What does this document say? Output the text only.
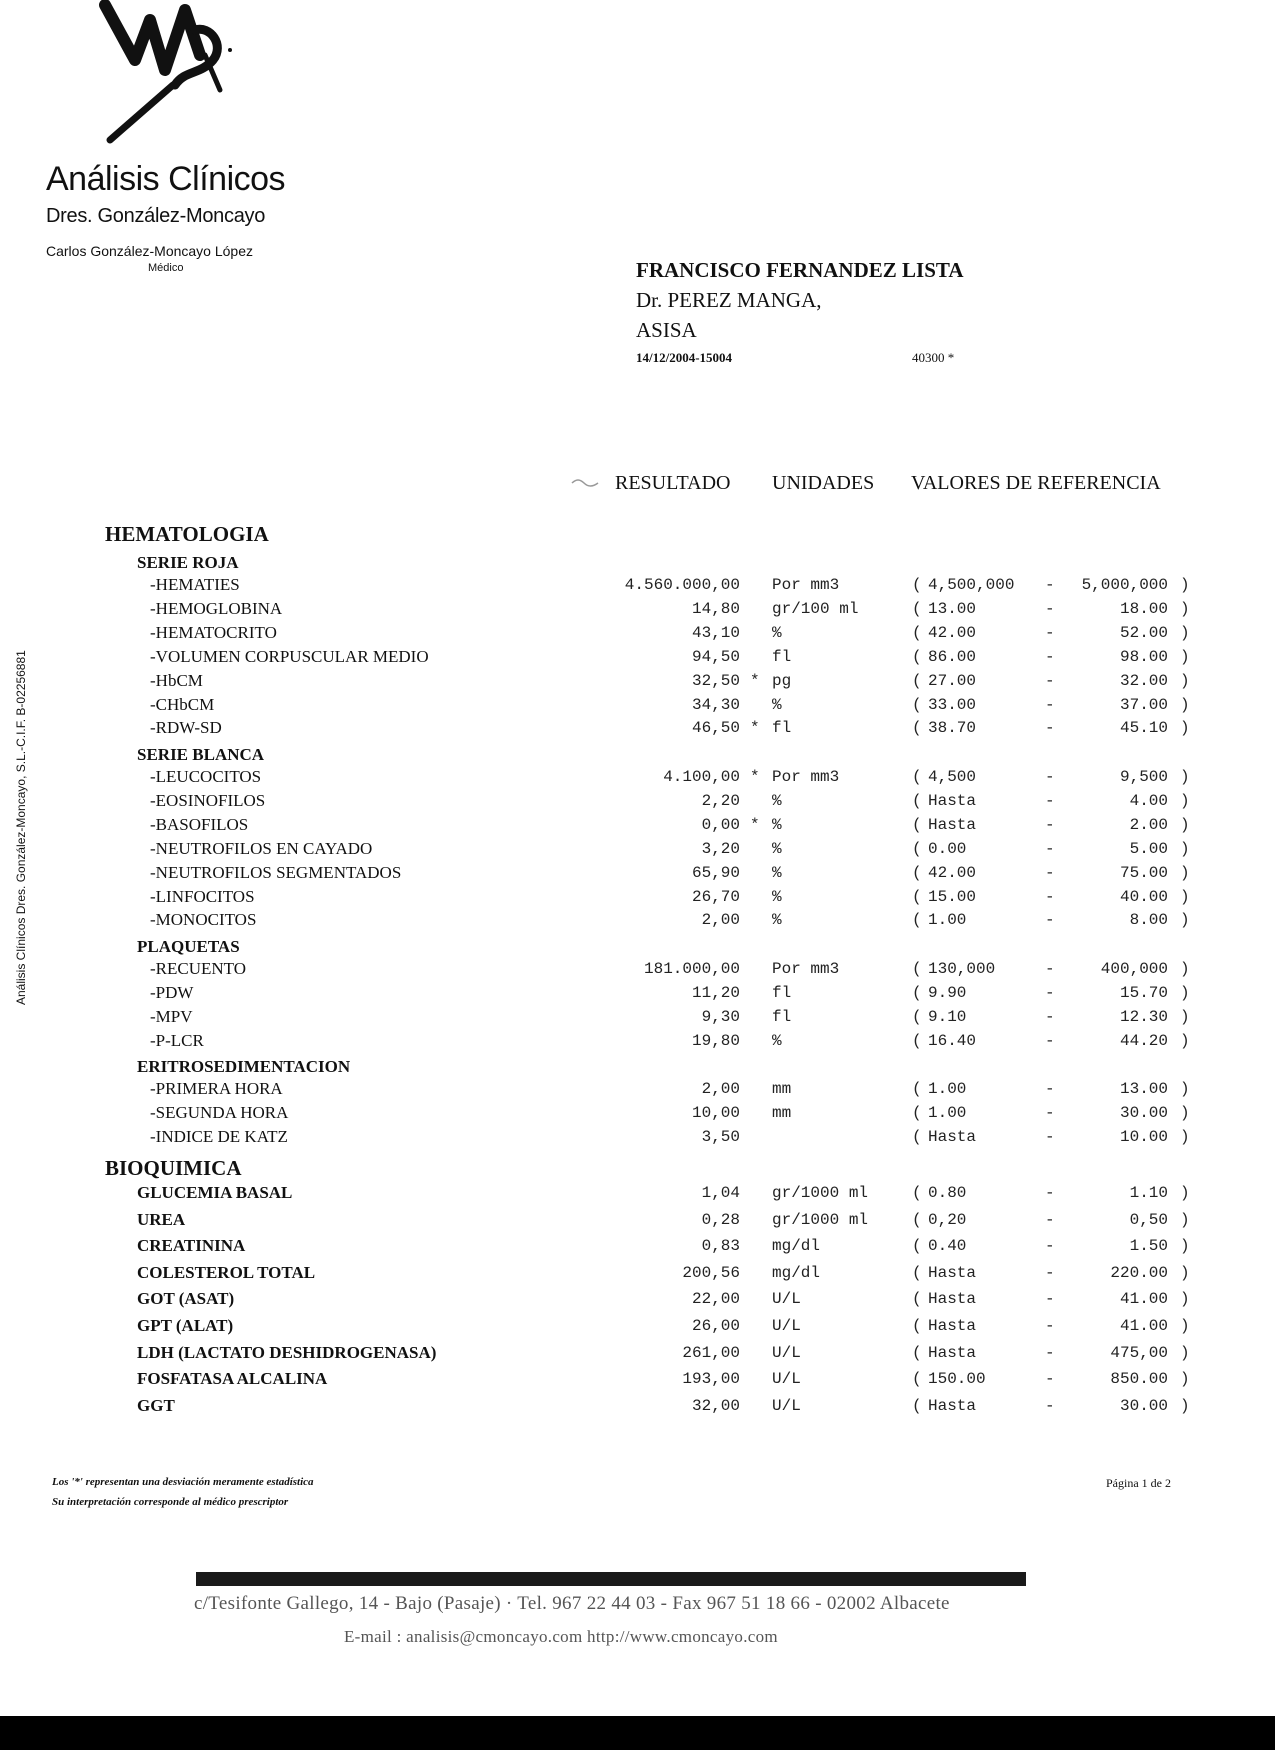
Análisis Clínicos
Dres. González-Moncayo
Carlos González-Moncayo López
Médico
Análisis Clínicos Dres. González-Moncayo, S.L.-C.I.F. B-02256881
FRANCISCO FERNANDEZ LISTA
Dr. PEREZ MANGA,
ASISA
14/12/2004-15004	40300 *
RESULTADO UNIDADES VALORES DE REFERENCIA
HEMATOLOGIA
SERIE ROJA
-HEMATIES	4.560.000,00 Por mm3	( 4,500,000 -	5,000,000 )
-HEMOGLOBINA	14,80 gr/100 ml	( 13.00	-	18.00 )
-HEMATOCRITO	43,10 %	( 42.00	-	52.00 )
-VOLUMEN CORPUSCULAR MEDIO	94,50 fl	( 86.00	-	98.00 )
-HbCM	32,50 * pg	( 27.00	-	32.00 )
-CHbCM	34,30 %	( 33.00	-	37.00 )
-RDW-SD	46,50 * fl	( 38.70	-	45.10 )
SERIE BLANCA
-LEUCOCITOS	4.100,00 * Por mm3	( 4,500	-	9,500 )
-EOSINOFILOS	2,20 %	( Hasta	-	4.00 )
-BASOFILOS	0,00 * %	( Hasta	-	2.00 )
-NEUTROFILOS EN CAYADO	3,20 %	( 0.00	-	5.00 )
-NEUTROFILOS SEGMENTADOS	65,90 %	( 42.00	-	75.00 )
-LINFOCITOS	26,70 %	( 15.00	-	40.00 )
-MONOCITOS	2,00 %	( 1.00	-	8.00 )
PLAQUETAS
-RECUENTO	181.000,00 Por mm3	( 130,000	-	400,000 )
-PDW	11,20 fl	( 9.90	-	15.70 )
-MPV	9,30 fl	( 9.10	-	12.30 )
-P-LCR	19,80 %	( 16.40	-	44.20 )
ERITROSEDIMENTACION
-PRIMERA HORA	2,00 mm	( 1.00	-	13.00 )
-SEGUNDA HORA	10,00 mm	( 1.00	-	30.00 )
-INDICE DE KATZ	3,50	( Hasta	-	10.00 )
BIOQUIMICA
GLUCEMIA BASAL	1,04 gr/1000 ml	( 0.80	-	1.10 )
UREA	0,28 gr/1000 ml	( 0,20	-	0,50 )
CREATININA	0,83 mg/dl	( 0.40	-	1.50 )
COLESTEROL TOTAL	200,56 mg/dl	( Hasta	-	220.00 )
GOT (ASAT)	22,00 U/L	( Hasta	-	41.00 )
GPT (ALAT)	26,00 U/L	( Hasta	-	41.00 )
LDH (LACTATO DESHIDROGENASA)	261,00 U/L	( Hasta	-	475,00 )
FOSFATASA ALCALINA	193,00 U/L	( 150.00	-	850.00 )
GGT	32,00 U/L	( Hasta	-	30.00 )
Los '*' representan una desviación meramente estadística
Su interpretación corresponde al médico prescriptor
Página 1 de 2
c/Tesifonte Gallego, 14 - Bajo (Pasaje) · Tel. 967 22 44 03 - Fax 967 51 18 66 - 02002 Albacete
E-mail : analisis@cmoncayo.com http://www.cmoncayo.com
